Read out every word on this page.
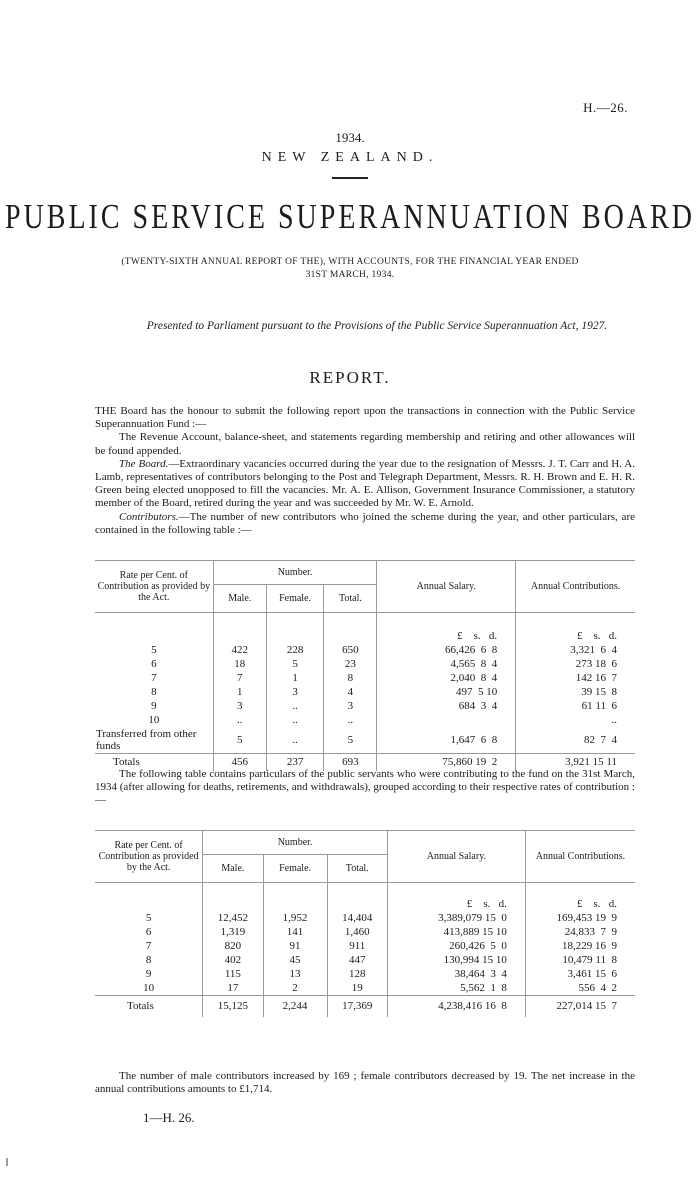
H.—26.
1934.
NEW ZEALAND.
PUBLIC SERVICE SUPERANNUATION BOARD
(TWENTY-SIXTH ANNUAL REPORT OF THE), WITH ACCOUNTS, FOR THE FINANCIAL YEAR ENDED 31ST MARCH, 1934.
Presented to Parliament pursuant to the Provisions of the Public Service Superannuation Act, 1927.
REPORT.
THE Board has the honour to submit the following report upon the transactions in connection with the Public Service Superannuation Fund :—
The Revenue Account, balance-sheet, and statements regarding membership and retiring and other allowances will be found appended.
The Board.—Extraordinary vacancies occurred during the year due to the resignation of Messrs. J. T. Carr and H. A. Lamb, representatives of contributors belonging to the Post and Telegraph Department, Messrs. R. H. Brown and E. H. R. Green being elected unopposed to fill the vacancies. Mr. A. E. Allison, Government Insurance Commissioner, a statutory member of the Board, retired during the year and was succeeded by Mr. W. E. Arnold.
Contributors.—The number of new contributors who joined the scheme during the year, and other particulars, are contained in the following table :—
Rate per Cent. of Contribution as provided by the Act.	Number.			Annual Salary.	Annual Contributions.
	Male.	Female.	Total.		
				£    s.   d.	£    s.   d.
5	422	228	650	66,426  6  8	3,321  6  4
6	18	5	23	4,565  8  4	273 18  6
7	7	1	8	2,040  8  4	142 16  7
8	1	3	4	497  5 10	39 15  8
9	3	..	3	684  3  4	61 11  6
10	..	..	..		..
Transferred from other funds	5	..	5	1,647  6  8	82  7  4
Totals	456	237	693	75,860 19  2	3,921 15 11
The following table contains particulars of the public servants who were contributing to the fund on the 31st March, 1934 (after allowing for deaths, retirements, and withdrawals), grouped according to their respective rates of contribution :—
Rate per Cent. of Contribution as provided by the Act.	Number.			Annual Salary.	Annual Contributions.
	Male.	Female.	Total.		
				£    s.   d.	£    s.   d.
5	12,452	1,952	14,404	3,389,079 15  0	169,453 19  9
6	1,319	141	1,460	413,889 15 10	24,833  7  9
7	820	91	911	260,426  5  0	18,229 16  9
8	402	45	447	130,994 15 10	10,479 11  8
9	115	13	128	38,464  3  4	3,461 15  6
10	17	2	19	5,562  1  8	556  4  2
Totals	15,125	2,244	17,369	4,238,416 16  8	227,014 15  7
The number of male contributors increased by 169 ; female contributors decreased by 19. The net increase in the annual contributions amounts to £1,714.
1—H. 26.
